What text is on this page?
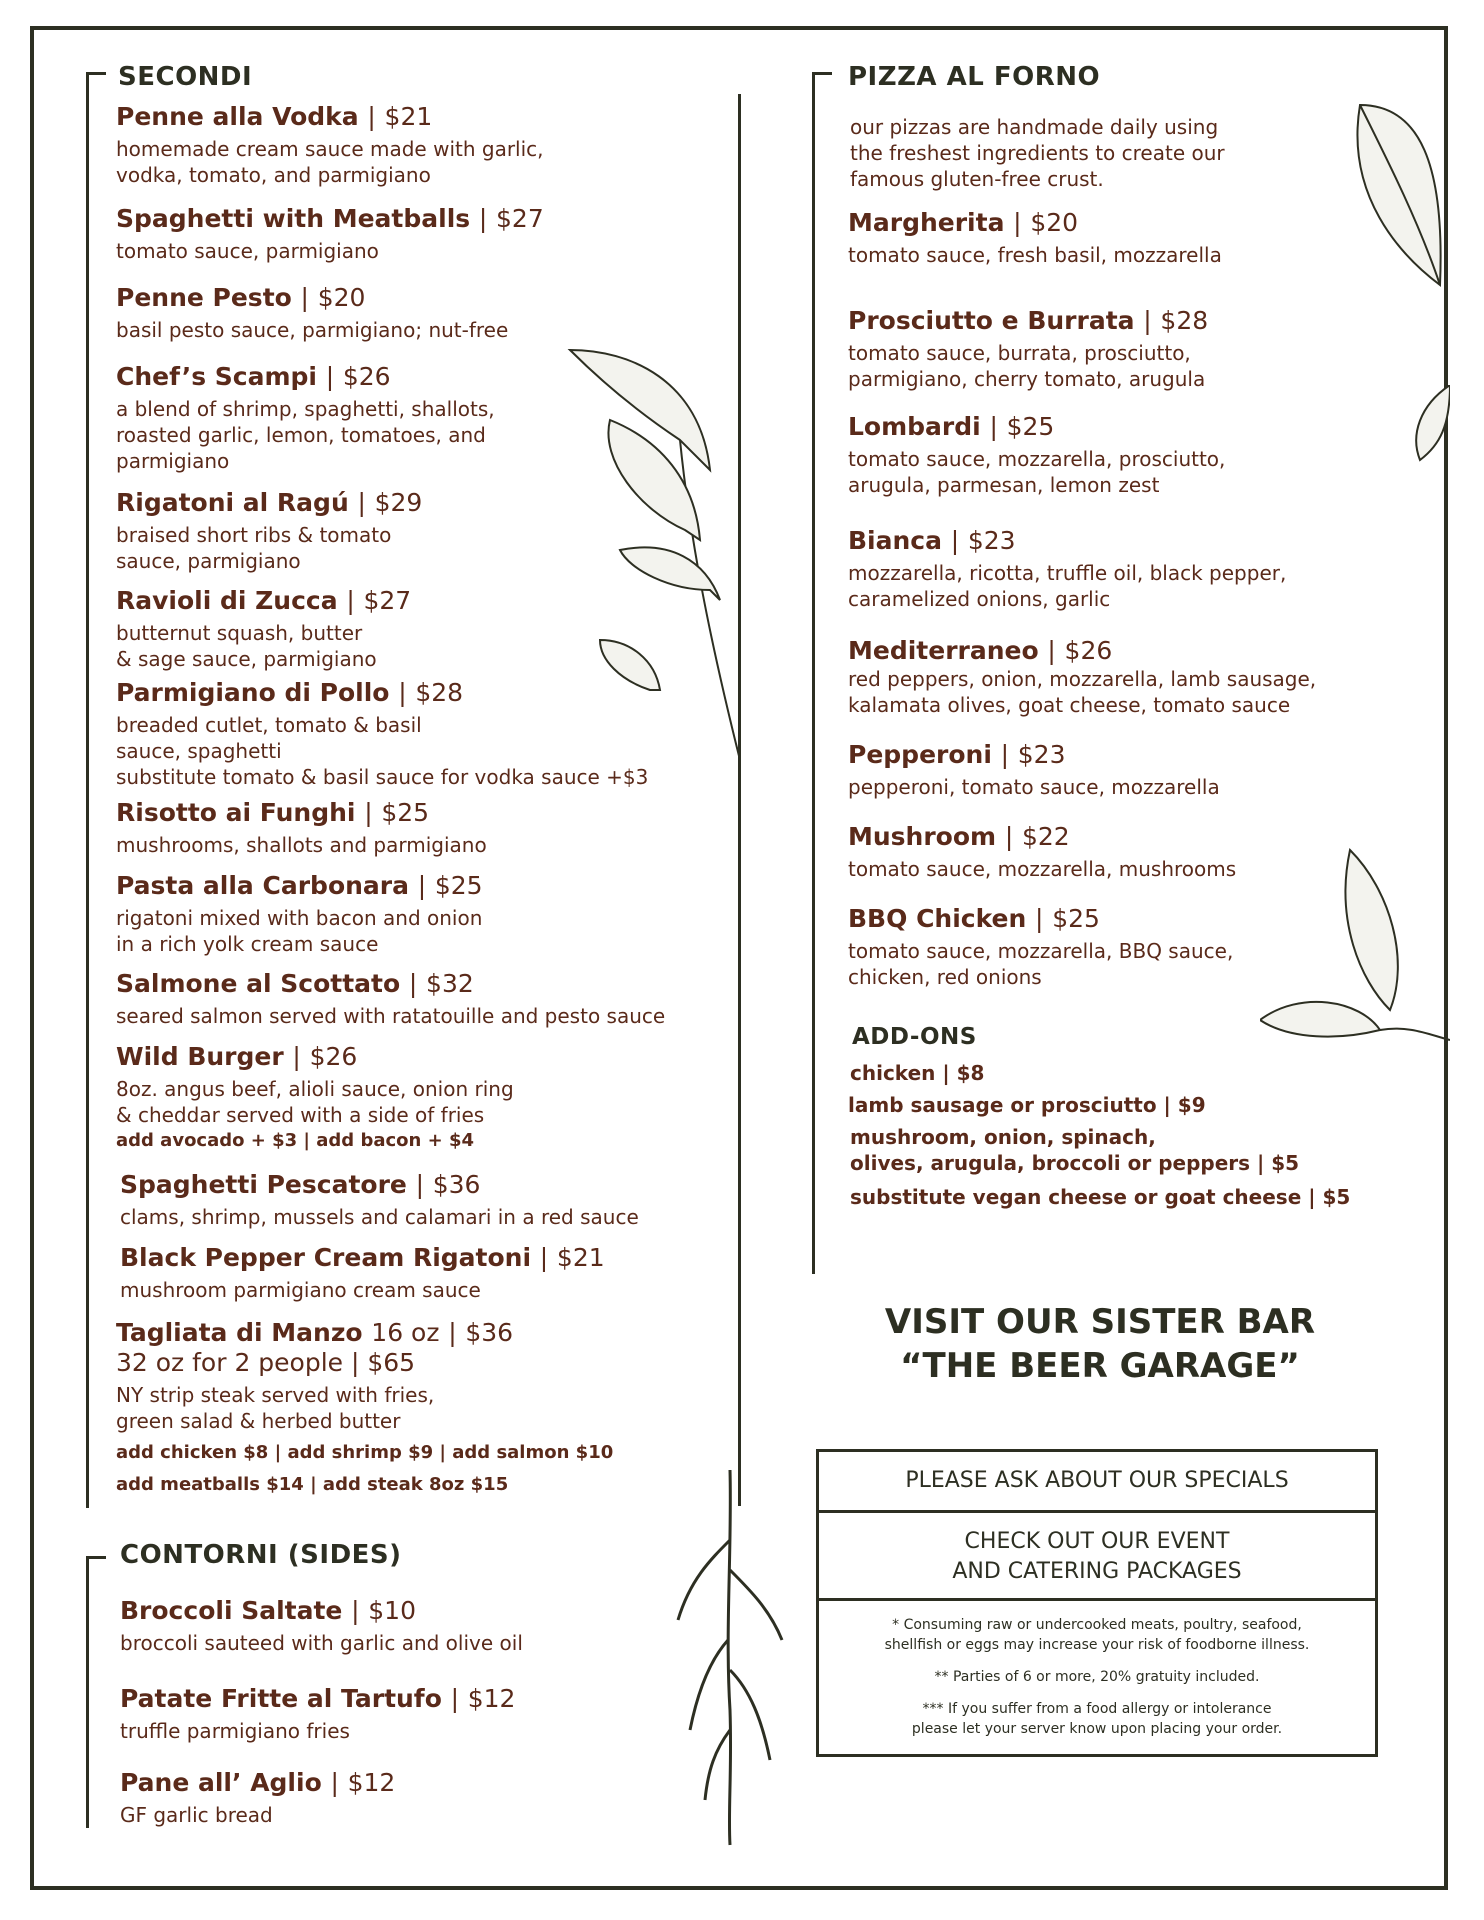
SECONDI
Penne alla Vodka | $21
homemade cream sauce made with garlic,
vodka, tomato, and parmigiano
Spaghetti with Meatballs | $27
tomato sauce, parmigiano
Penne Pesto | $20
basil pesto sauce, parmigiano; nut-free
Chef’s Scampi | $26
a blend of shrimp, spaghetti, shallots,
roasted garlic, lemon, tomatoes, and
parmigiano
Rigatoni al Ragú | $29
braised short ribs & tomato
sauce, parmigiano
Ravioli di Zucca | $27
butternut squash, butter
& sage sauce, parmigiano
Parmigiano di Pollo | $28
breaded cutlet, tomato & basil
sauce, spaghetti
substitute tomato & basil sauce for vodka sauce +$3
Risotto ai Funghi | $25
mushrooms, shallots and parmigiano
Pasta alla Carbonara | $25
rigatoni mixed with bacon and onion
in a rich yolk cream sauce
Salmone al Scottato | $32
seared salmon served with ratatouille and pesto sauce
Wild Burger | $26
8oz. angus beef, alioli sauce, onion ring
& cheddar served with a side of fries
add avocado + $3 | add bacon + $4
Spaghetti Pescatore | $36
clams, shrimp, mussels and calamari in a red sauce
Black Pepper Cream Rigatoni | $21
mushroom parmigiano cream sauce
Tagliata di Manzo 16 oz | $36
32 oz for 2 people | $65
NY strip steak served with fries,
green salad & herbed butter
add chicken $8 | add shrimp $9 | add salmon $10
add meatballs $14 | add steak 8oz $15
CONTORNI (SIDES)
Broccoli Saltate | $10
broccoli sauteed with garlic and olive oil
Patate Fritte al Tartufo | $12
truffle parmigiano fries
Pane all’ Aglio | $12
GF garlic bread
PIZZA AL FORNO
our pizzas are handmade daily using
the freshest ingredients to create our
famous gluten-free crust.
Margherita | $20
tomato sauce, fresh basil, mozzarella
Prosciutto e Burrata | $28
tomato sauce, burrata, prosciutto,
parmigiano, cherry tomato, arugula
Lombardi | $25
tomato sauce, mozzarella, prosciutto,
arugula, parmesan, lemon zest
Bianca | $23
mozzarella, ricotta, truffle oil, black pepper,
caramelized onions, garlic
Mediterraneo | $26
red peppers, onion, mozzarella, lamb sausage,
kalamata olives, goat cheese, tomato sauce
Pepperoni | $23
pepperoni, tomato sauce, mozzarella
Mushroom | $22
tomato sauce, mozzarella, mushrooms
BBQ Chicken | $25
tomato sauce, mozzarella, BBQ sauce,
chicken, red onions
ADD-ONS
chicken | $8
lamb sausage or prosciutto | $9
mushroom, onion, spinach,
olives, arugula, broccoli or peppers | $5
substitute vegan cheese or goat cheese | $5
VISIT OUR SISTER BAR
“THE BEER GARAGE”
PLEASE ASK ABOUT OUR SPECIALS
CHECK OUT OUR EVENT
AND CATERING PACKAGES

* Consuming raw or undercooked meats, poultry, seafood,
shellfish or eggs may increase your risk of foodborne illness.

** Parties of 6 or more, 20% gratuity included.

*** If you suffer from a food allergy or intolerance
please let your server know upon placing your order.
